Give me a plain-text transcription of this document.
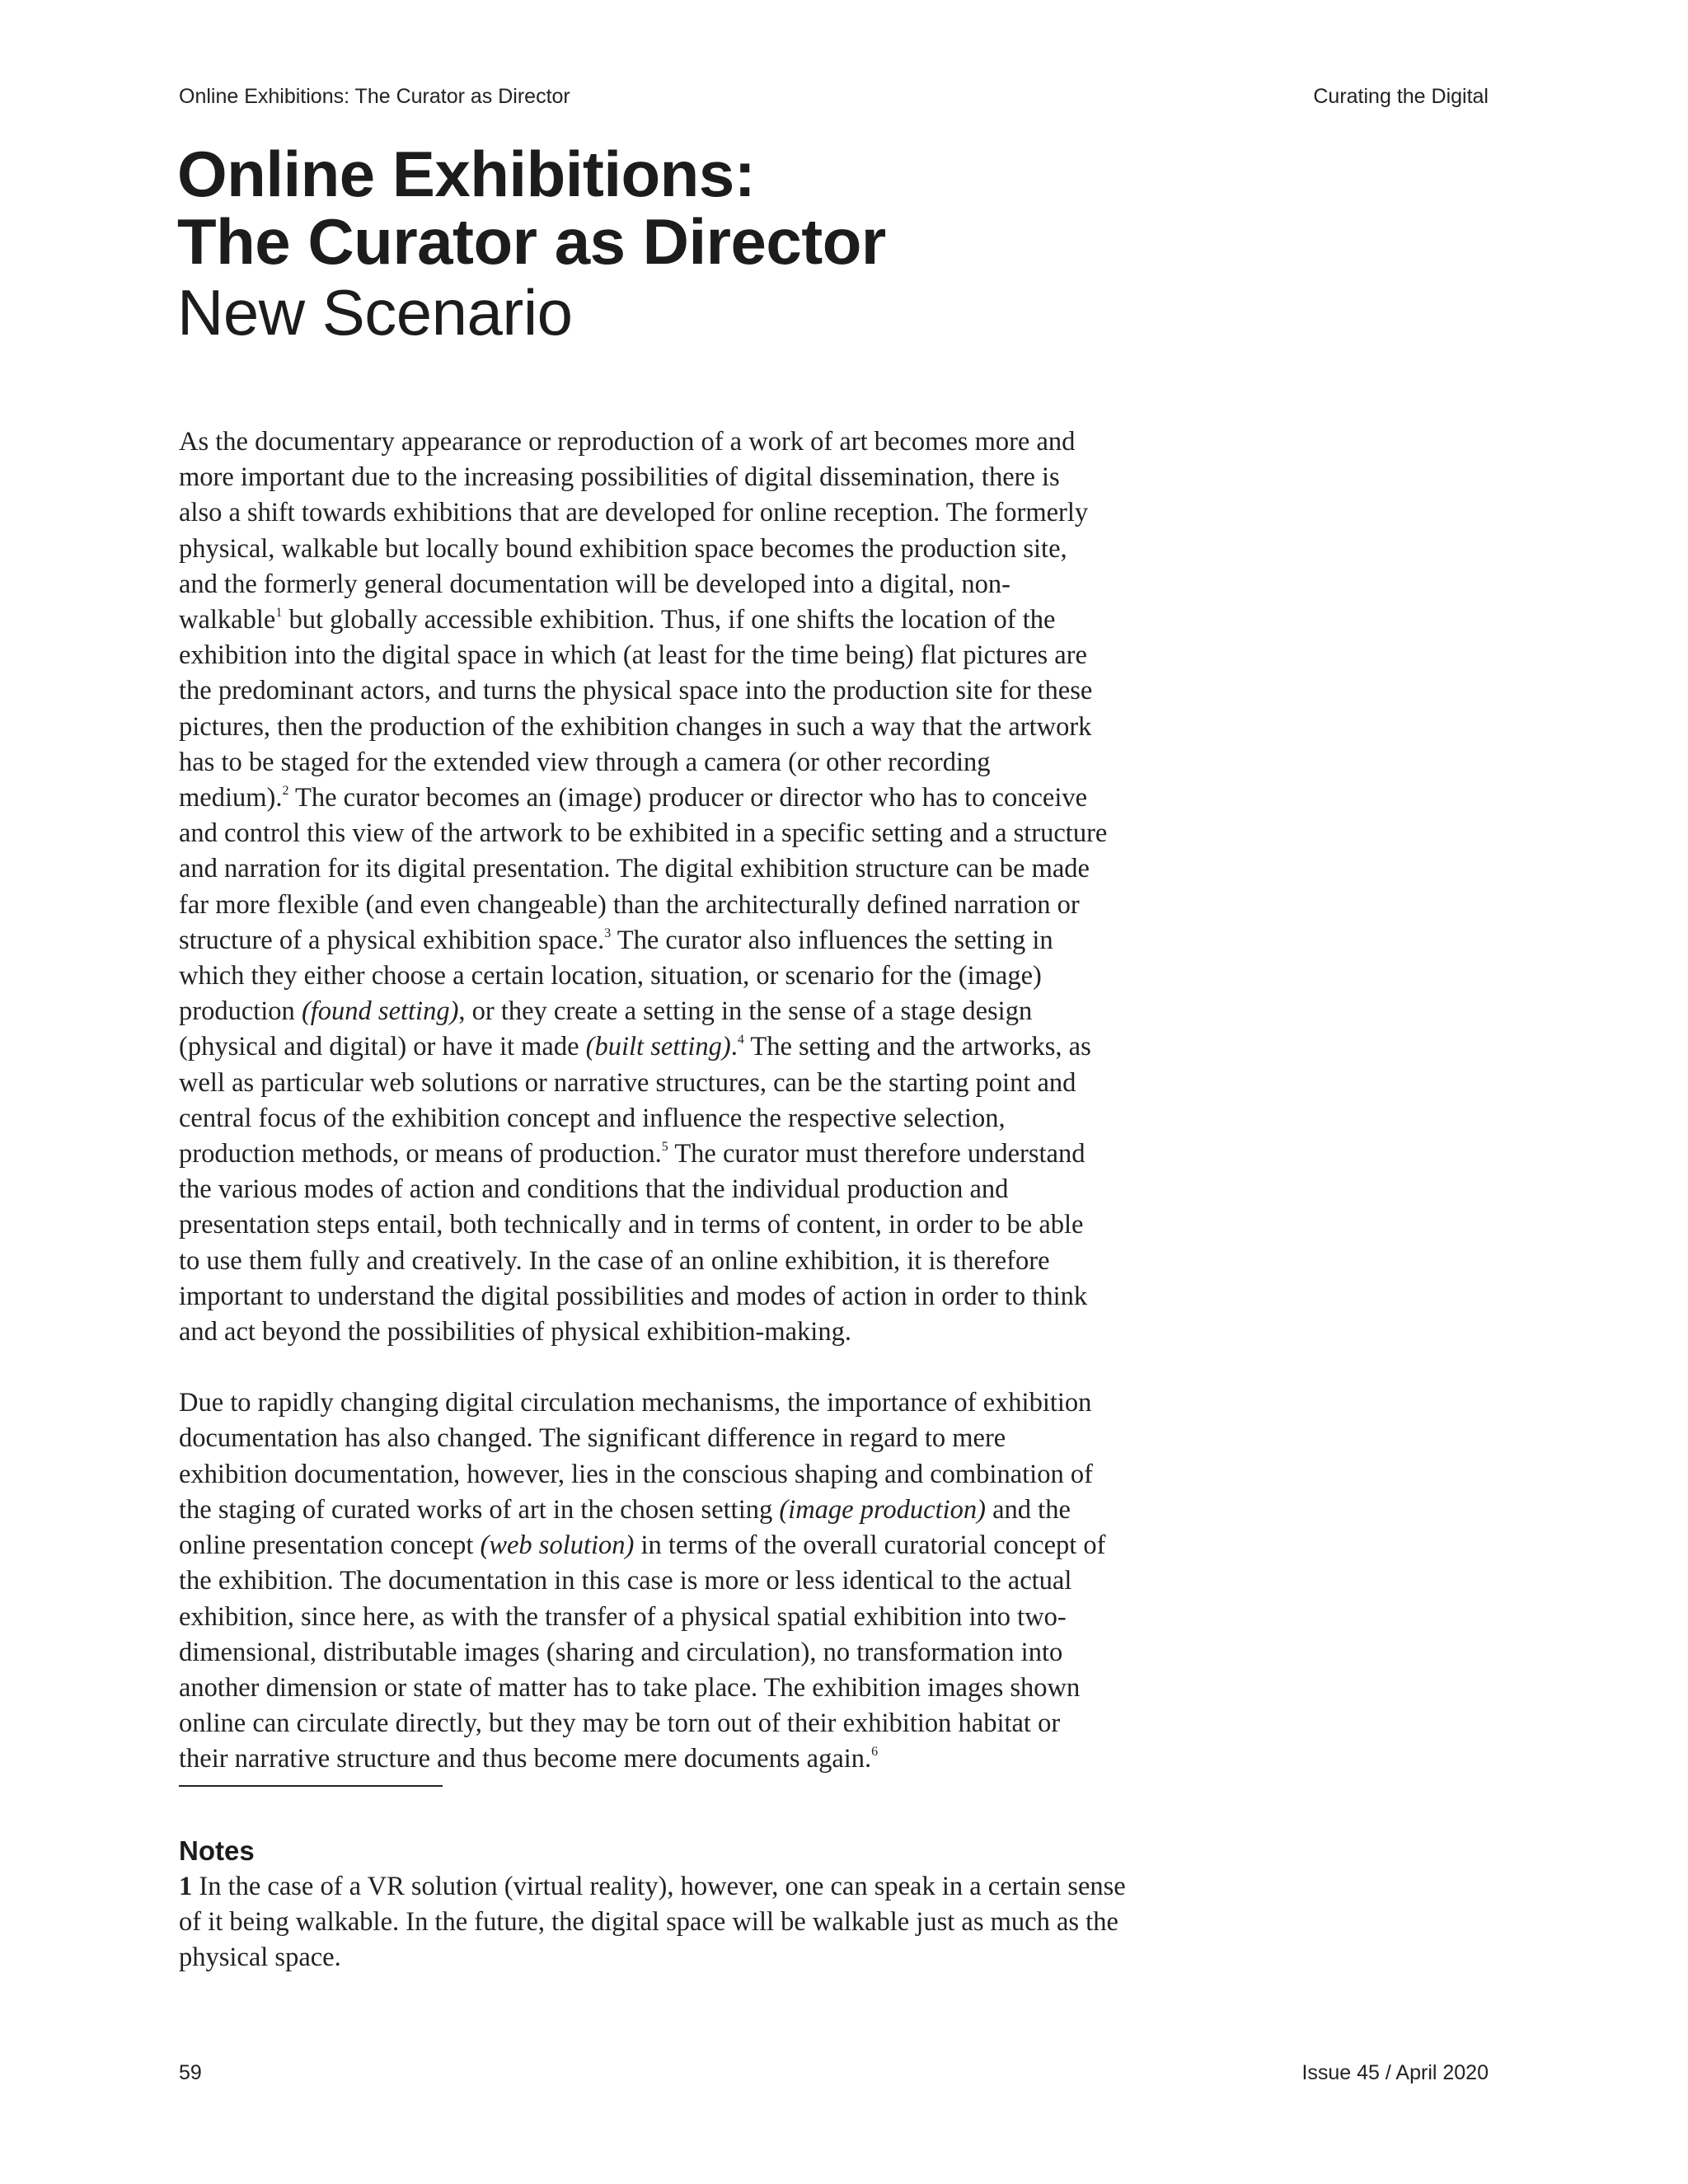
Online Exhibitions: The Curator as Director	Curating the Digital
Online Exhibitions:
The Curator as Director
New Scenario

As the documentary appearance or reproduction of a work of art becomes more and
more important due to the increasing possibilities of digital dissemination, there is
also a shift towards exhibitions that are developed for online reception. The formerly
physical, walkable but locally bound exhibition space becomes the production site,
and the formerly general documentation will be developed into a digital, non-
walkable$^1$ but globally accessible exhibition. Thus, if one shifts the location of the
exhibition into the digital space in which (at least for the time being) flat pictures are
the predominant actors, and turns the physical space into the production site for these
pictures, then the production of the exhibition changes in such a way that the artwork
has to be staged for the extended view through a camera (or other recording
medium).$^2$ The curator becomes an (image) producer or director who has to conceive
and control this view of the artwork to be exhibited in a specific setting and a structure
and narration for its digital presentation. The digital exhibition structure can be made
far more flexible (and even changeable) than the architecturally defined narration or
structure of a physical exhibition space.$^3$ The curator also influences the setting in
which they either choose a certain location, situation, or scenario for the (image)
production (found setting), or they create a setting in the sense of a stage design
(physical and digital) or have it made (built setting).$^4$ The setting and the artworks, as
well as particular web solutions or narrative structures, can be the starting point and
central focus of the exhibition concept and influence the respective selection,
production methods, or means of production.$^5$ The curator must therefore understand
the various modes of action and conditions that the individual production and
presentation steps entail, both technically and in terms of content, in order to be able
to use them fully and creatively. In the case of an online exhibition, it is therefore
important to understand the digital possibilities and modes of action in order to think
and act beyond the possibilities of physical exhibition-making.

Due to rapidly changing digital circulation mechanisms, the importance of exhibition
documentation has also changed. The significant difference in regard to mere
exhibition documentation, however, lies in the conscious shaping and combination of
the staging of curated works of art in the chosen setting (image production) and the
online presentation concept (web solution) in terms of the overall curatorial concept of
the exhibition. The documentation in this case is more or less identical to the actual
exhibition, since here, as with the transfer of a physical spatial exhibition into two-
dimensional, distributable images (sharing and circulation), no transformation into
another dimension or state of matter has to take place. The exhibition images shown
online can circulate directly, but they may be torn out of their exhibition habitat or
their narrative structure and thus become mere documents again.$^6$

Notes
1 In the case of a VR solution (virtual reality), however, one can speak in a certain sense
of it being walkable. In the future, the digital space will be walkable just as much as the
physical space.
59	Issue 45 / April 2020
